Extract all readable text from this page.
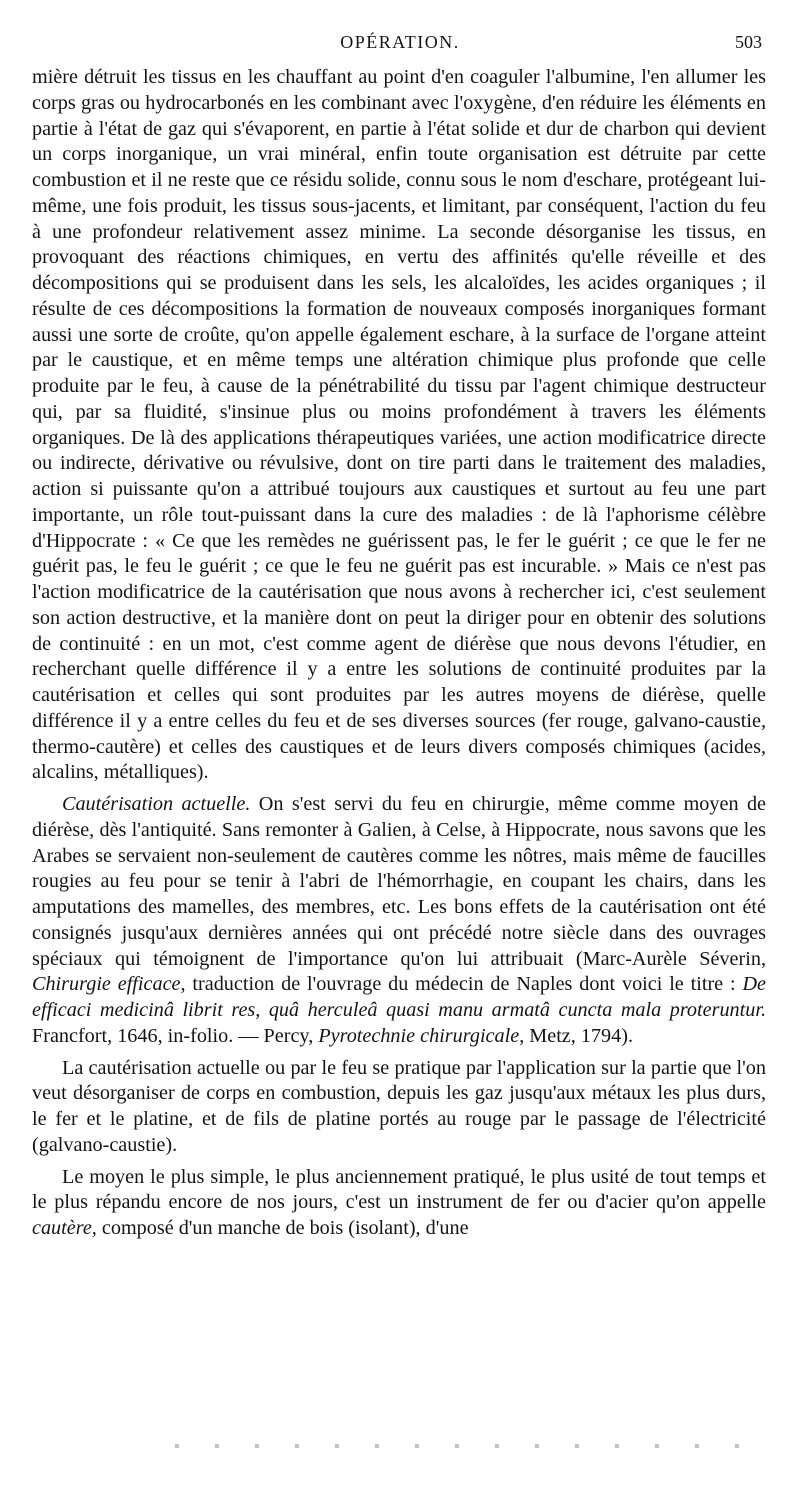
OPÉRATION.	503

mière détruit les tissus en les chauffant au point d'en coaguler l'albumine, l'en allumer les corps gras ou hydrocarbonés en les combinant avec l'oxygène, d'en réduire les éléments en partie à l'état de gaz qui s'évaporent, en partie à l'état solide et dur de charbon qui devient un corps inorganique, un vrai minéral, enfin toute organisation est détruite par cette combustion et il ne reste que ce résidu solide, connu sous le nom d'eschare, protégeant lui-même, une fois produit, les tissus sous-jacents, et limitant, par conséquent, l'action du feu à une profondeur relativement assez minime. La seconde désorganise les tissus, en provoquant des réactions chimiques, en vertu des affinités qu'elle réveille et des décompositions qui se produisent dans les sels, les alcaloïdes, les acides organiques ; il résulte de ces décompositions la formation de nouveaux composés inorganiques formant aussi une sorte de croûte, qu'on appelle également eschare, à la surface de l'organe atteint par le caustique, et en même temps une altération chimique plus profonde que celle produite par le feu, à cause de la pénétrabilité du tissu par l'agent chimique destructeur qui, par sa fluidité, s'insinue plus ou moins profondément à travers les éléments organiques. De là des applications thérapeutiques variées, une action modificatrice directe ou indirecte, dérivative ou révulsive, dont on tire parti dans le traitement des maladies, action si puissante qu'on a attribué toujours aux caustiques et surtout au feu une part importante, un rôle tout-puissant dans la cure des maladies : de là l'aphorisme célèbre d'Hippocrate : « Ce que les remèdes ne guérissent pas, le fer le guérit ; ce que le fer ne guérit pas, le feu le guérit ; ce que le feu ne guérit pas est incurable. » Mais ce n'est pas l'action modificatrice de la cautérisation que nous avons à rechercher ici, c'est seulement son action destructive, et la manière dont on peut la diriger pour en obtenir des solutions de continuité : en un mot, c'est comme agent de diérèse que nous devons l'étudier, en recherchant quelle différence il y a entre les solutions de continuité produites par la cautérisation et celles qui sont produites par les autres moyens de diérèse, quelle différence il y a entre celles du feu et de ses diverses sources (fer rouge, galvano-caustie, thermo-cautère) et celles des caustiques et de leurs divers composés chimiques (acides, alcalins, métalliques).

Cautérisation actuelle. On s'est servi du feu en chirurgie, même comme moyen de diérèse, dès l'antiquité. Sans remonter à Galien, à Celse, à Hippocrate, nous savons que les Arabes se servaient non-seulement de cautères comme les nôtres, mais même de faucilles rougies au feu pour se tenir à l'abri de l'hémorrhagie, en coupant les chairs, dans les amputations des mamelles, des membres, etc. Les bons effets de la cautérisation ont été consignés jusqu'aux dernières années qui ont précédé notre siècle dans des ouvrages spéciaux qui témoignent de l'importance qu'on lui attribuait (Marc-Aurèle Séverin, Chirurgie efficace, traduction de l'ouvrage du médecin de Naples dont voici le titre : De efficaci medicinâ librit res, quâ herculeâ quasi manu armatâ cuncta mala proteruntur. Francfort, 1646, in-folio. — Percy, Pyrotechnie chirurgicale, Metz, 1794).

La cautérisation actuelle ou par le feu se pratique par l'application sur la partie que l'on veut désorganiser de corps en combustion, depuis les gaz jusqu'aux métaux les plus durs, le fer et le platine, et de fils de platine portés au rouge par le passage de l'électricité (galvano-caustie).

Le moyen le plus simple, le plus anciennement pratiqué, le plus usité de tout temps et le plus répandu encore de nos jours, c'est un instrument de fer ou d'acier qu'on appelle cautère, composé d'un manche de bois (isolant), d'une
